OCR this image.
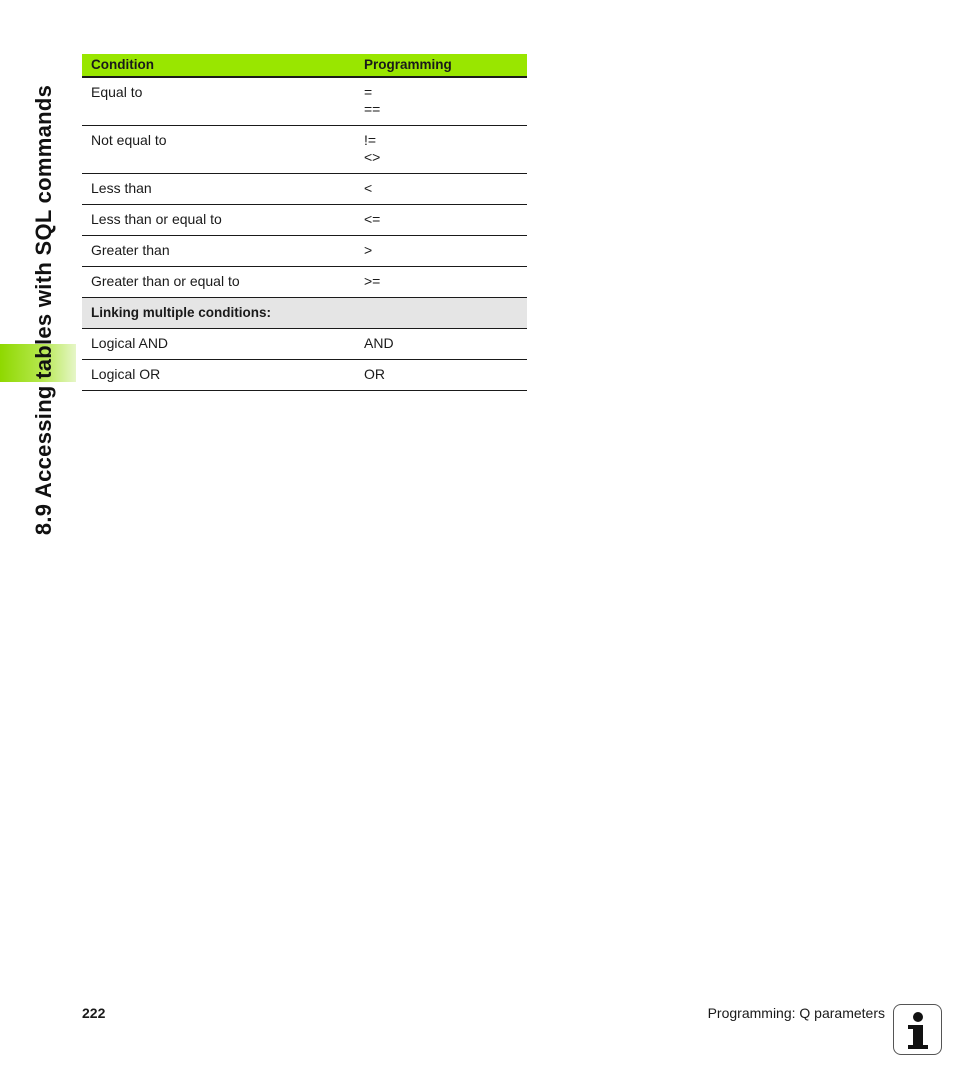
8.9 Accessing tables with SQL commands
Condition	Programming
Equal to	=
==

Not equal to	!=
<>

Less than	<

Less than or equal to	<=

Greater than	>

Greater than or equal to	>=

Linking multiple conditions:	
Logical AND	AND

Logical OR	OR
222	Programming: Q parameters
